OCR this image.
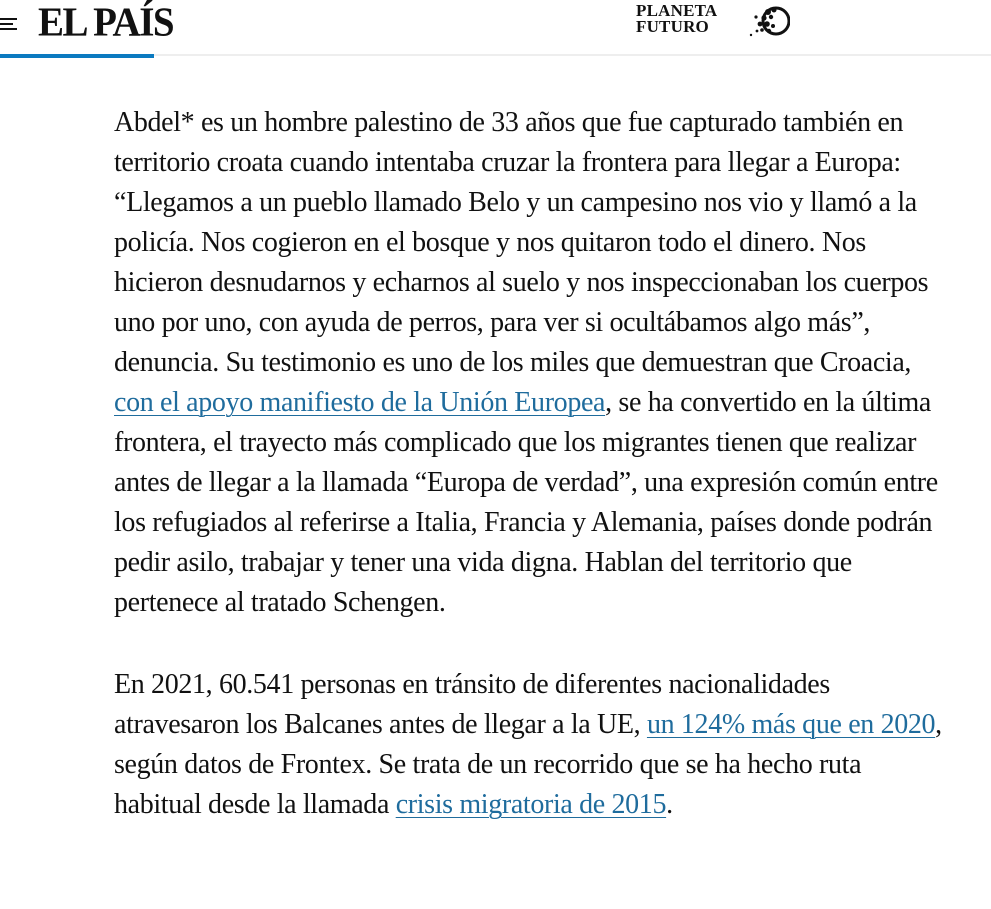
EL PAÍS	PLANETA
FUTURO

Abdel* es un hombre palestino de 33 años que fue capturado también en territorio croata cuando intentaba cruzar la frontera para llegar a Europa: “Llegamos a un pueblo llamado Belo y un campesino nos vio y llamó a la policía. Nos cogieron en el bosque y nos quitaron todo el dinero. Nos hicieron desnudarnos y echarnos al suelo y nos inspeccionaban los cuerpos uno por uno, con ayuda de perros, para ver si ocultábamos algo más”, denuncia. Su testimonio es uno de los miles que demuestran que Croacia, con el apoyo manifiesto de la Unión Europea, se ha convertido en la última frontera, el trayecto más complicado que los migrantes tienen que realizar antes de llegar a la llamada “Europa de verdad”, una expresión común entre los refugiados al referirse a Italia, Francia y Alemania, países donde podrán pedir asilo, trabajar y tener una vida digna. Hablan del territorio que pertenece al tratado Schengen.

En 2021, 60.541 personas en tránsito de diferentes nacionalidades atravesaron los Balcanes antes de llegar a la UE, un 124% más que en 2020, según datos de Frontex. Se trata de un recorrido que se ha hecho ruta habitual desde la llamada crisis migratoria de 2015.
